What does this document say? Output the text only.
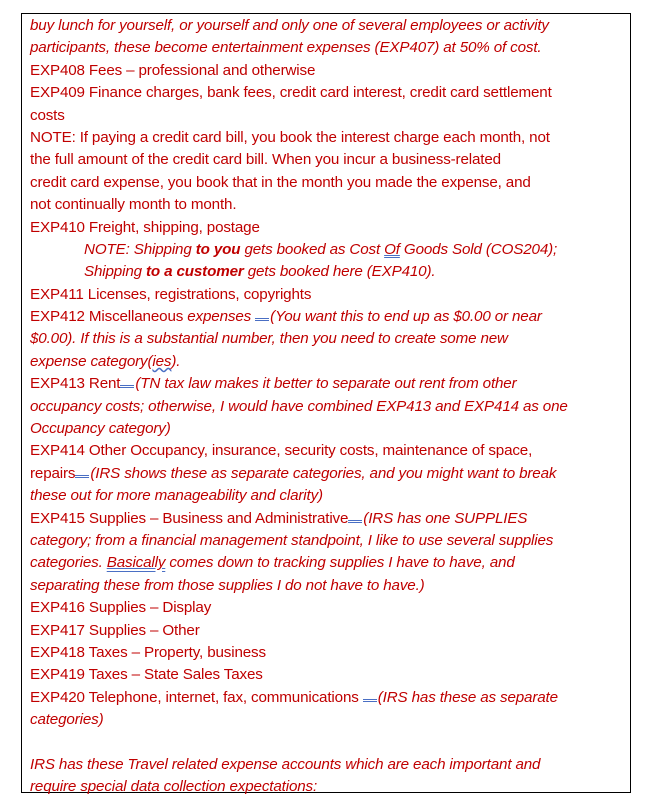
buy lunch for yourself, or yourself and only one of several employees or activity
participants, these become entertainment expenses (EXP407) at 50% of cost.
EXP408 Fees – professional and otherwise
EXP409 Finance charges, bank fees, credit card interest, credit card settlement
costs
NOTE: If paying a credit card bill, you book the interest charge each month, not
the full amount of the credit card bill. When you incur a business-related
credit card expense, you book that in the month you made the expense, and
not continually month to month.
EXP410 Freight, shipping, postage
NOTE: Shipping to you gets booked as Cost Of Goods Sold (COS204);
Shipping to a customer gets booked here (EXP410).
EXP411 Licenses, registrations, copyrights
EXP412 Miscellaneous expenses (You want this to end up as $0.00 or near
$0.00). If this is a substantial number, then you need to create some new
expense category(ies).
EXP413 Rent (TN tax law makes it better to separate out rent from other
occupancy costs; otherwise, I would have combined EXP413 and EXP414 as one
Occupancy category)
EXP414 Other Occupancy, insurance, security costs, maintenance of space,
repairs (IRS shows these as separate categories, and you might want to break
these out for more manageability and clarity)
EXP415 Supplies – Business and Administrative (IRS has one SUPPLIES
category; from a financial management standpoint, I like to use several supplies
categories. Basically comes down to tracking supplies I have to have, and
separating these from those supplies I do not have to have.)
EXP416 Supplies – Display
EXP417 Supplies – Other
EXP418 Taxes – Property, business
EXP419 Taxes – State Sales Taxes
EXP420 Telephone, internet, fax, communications (IRS has these as separate
categories)
IRS has these Travel related expense accounts which are each important and
require special data collection expectations:
